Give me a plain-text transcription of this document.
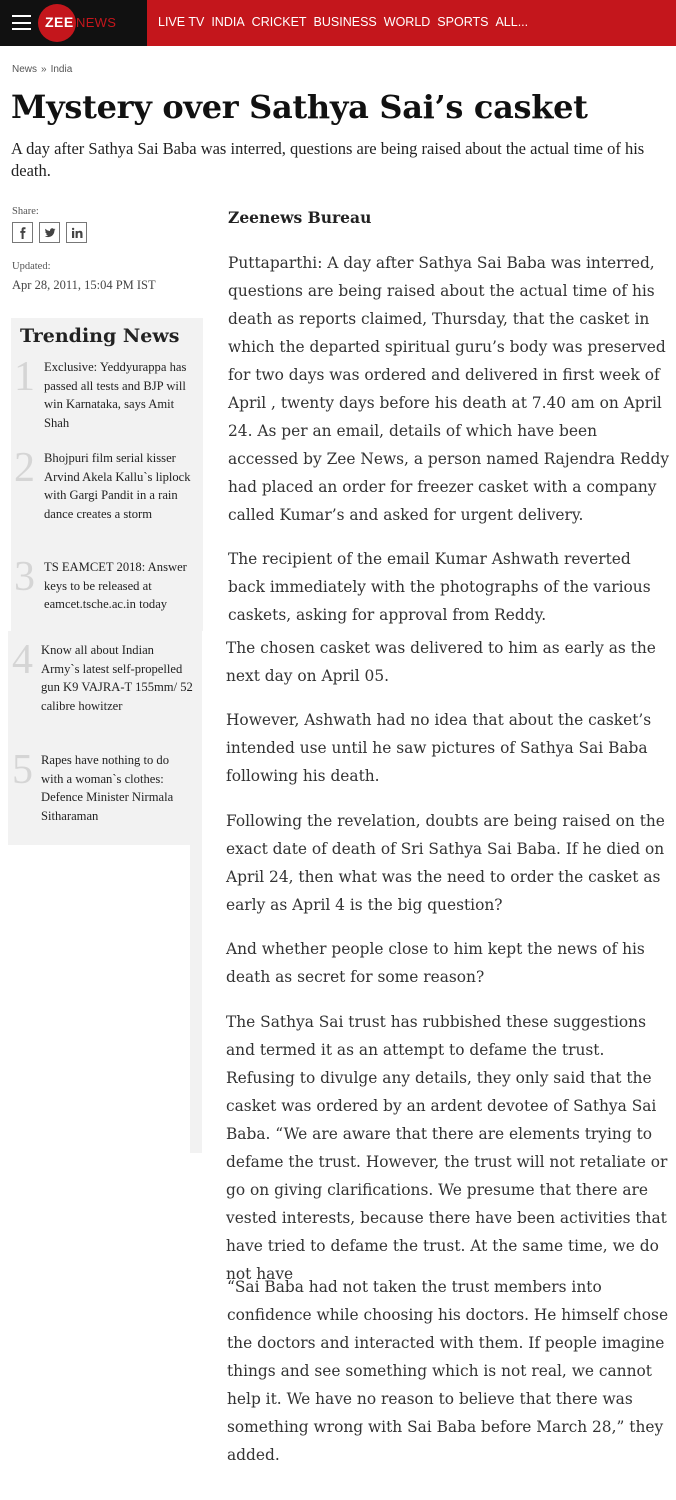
ZEE NEWS	LIVE TV INDIA CRICKET BUSINESS WORLD SPORTS ALL...
News » India
Mystery over Sathya Sai’s casket
A day after Sathya Sai Baba was interred, questions are being raised about the actual time of his death.
Share:
Updated:
Apr 28, 2011, 15:04 PM IST
Trending News
1 Exclusive: Yeddyurappa has passed all tests and BJP will win Karnataka, says Amit Shah
2 Bhojpuri film serial kisser Arvind Akela Kallu`s liplock with Gargi Pandit in a rain dance creates a storm
3 TS EAMCET 2018: Answer keys to be released at eamcet.tsche.ac.in today
4 Know all about Indian Army`s latest self-propelled gun K9 VAJRA-T 155mm/ 52 calibre howitzer
5 Rapes have nothing to do with a woman`s clothes: Defence Minister Nirmala Sitharaman
Zeenews Bureau
Puttaparthi: A day after Sathya Sai Baba was interred, questions are being raised about the actual time of his death as reports claimed, Thursday, that the casket in which the departed spiritual guru’s body was preserved for two days was ordered and delivered in first week of April , twenty days before his death at 7.40 am on April 24. As per an email, details of which have been accessed by Zee News, a person named Rajendra Reddy had placed an order for freezer casket with a company called Kumar’s and asked for urgent delivery.
The recipient of the email Kumar Ashwath reverted back immediately with the photographs of the various caskets, asking for approval from Reddy.
The chosen casket was delivered to him as early as the next day on April 05.
However, Ashwath had no idea that about the casket’s intended use until he saw pictures of Sathya Sai Baba following his death.
Following the revelation, doubts are being raised on the exact date of death of Sri Sathya Sai Baba. If he died on April 24, then what was the need to order the casket as early as April 4 is the big question?
And whether people close to him kept the news of his death as secret for some reason?
The Sathya Sai trust has rubbished these suggestions and termed it as an attempt to defame the trust. Refusing to divulge any details, they only said that the casket was ordered by an ardent devotee of Sathya Sai Baba. “We are aware that there are elements trying to defame the trust. However, the trust will not retaliate or go on giving clarifications. We presume that there are vested interests, because there have been activities that have tried to defame the trust. At the same time, we do not have
“Sai Baba had not taken the trust members into confidence while choosing his doctors. He himself chose the doctors and interacted with them. If people imagine things and see something which is not real, we cannot help it. We have no reason to believe that there was something wrong with Sai Baba before March 28,” they added.
